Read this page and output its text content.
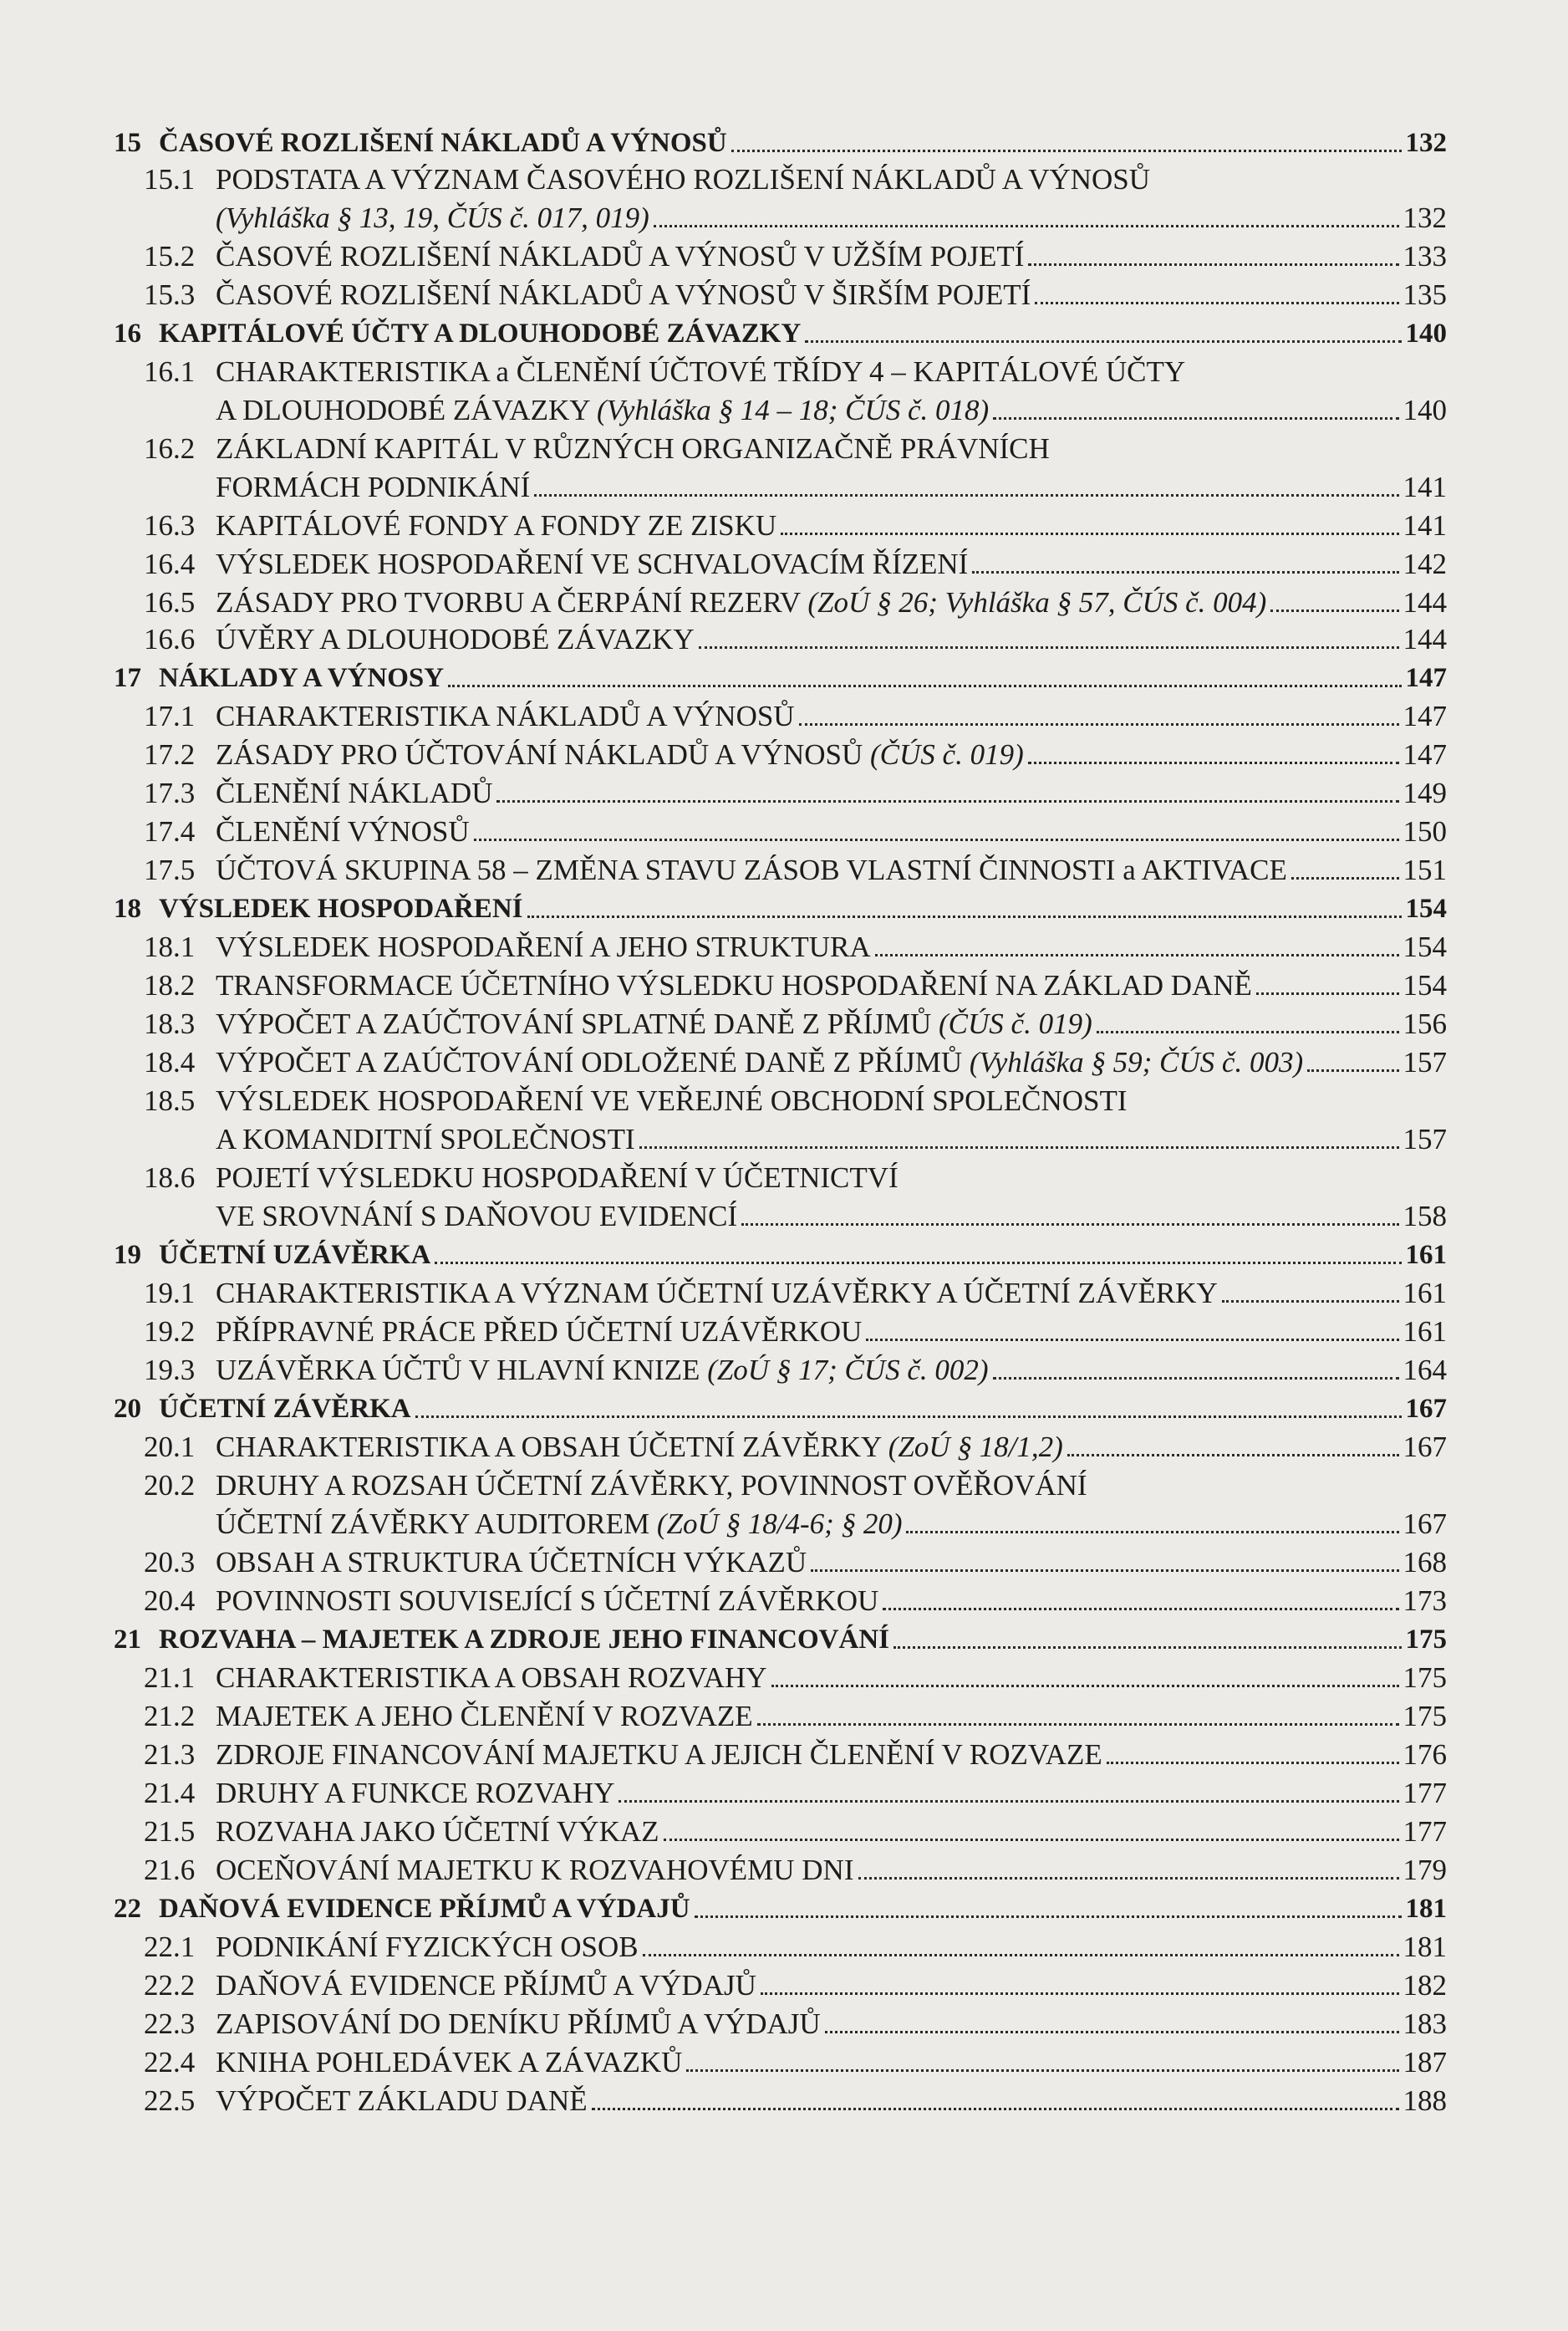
15 ČASOVÉ ROZLIŠENÍ NÁKLADŮ A VÝNOSŮ	132
15.1 PODSTATA A VÝZNAM ČASOVÉHO ROZLIŠENÍ NÁKLADŮ A VÝNOSŮ
(Vyhláška § 13, 19, ČÚS č. 017, 019)	132
15.2 ČASOVÉ ROZLIŠENÍ NÁKLADŮ A VÝNOSŮ V UŽŠÍM POJETÍ	133
15.3 ČASOVÉ ROZLIŠENÍ NÁKLADŮ A VÝNOSŮ V ŠIRŠÍM POJETÍ	135
16 KAPITÁLOVÉ ÚČTY A DLOUHODOBÉ ZÁVAZKY	140
16.1 CHARAKTERISTIKA a ČLENĚNÍ ÚČTOVÉ TŘÍDY 4 – KAPITÁLOVÉ ÚČTY
A DLOUHODOBÉ ZÁVAZKY (Vyhláška § 14 – 18; ČÚS č. 018)	140
16.2 ZÁKLADNÍ KAPITÁL V RŮZNÝCH ORGANIZAČNĚ PRÁVNÍCH
FORMÁCH PODNIKÁNÍ	141
16.3 KAPITÁLOVÉ FONDY A FONDY ZE ZISKU	141
16.4 VÝSLEDEK HOSPODAŘENÍ VE SCHVALOVACÍM ŘÍZENÍ	142
16.5 ZÁSADY PRO TVORBU A ČERPÁNÍ REZERV (ZoÚ § 26; Vyhláška § 57, ČÚS č. 004)	144
16.6 ÚVĚRY A DLOUHODOBÉ ZÁVAZKY	144
17 NÁKLADY A VÝNOSY	147
17.1 CHARAKTERISTIKA NÁKLADŮ A VÝNOSŮ	147
17.2 ZÁSADY PRO ÚČTOVÁNÍ NÁKLADŮ A VÝNOSŮ (ČÚS č. 019)	147
17.3 ČLENĚNÍ NÁKLADŮ	149
17.4 ČLENĚNÍ VÝNOSŮ	150
17.5 ÚČTOVÁ SKUPINA 58 – ZMĚNA STAVU ZÁSOB VLASTNÍ ČINNOSTI a AKTIVACE	151
18 VÝSLEDEK HOSPODAŘENÍ	154
18.1 VÝSLEDEK HOSPODAŘENÍ A JEHO STRUKTURA	154
18.2 TRANSFORMACE ÚČETNÍHO VÝSLEDKU HOSPODAŘENÍ NA ZÁKLAD DANĚ	154
18.3 VÝPOČET A ZAÚČTOVÁNÍ SPLATNÉ DANĚ Z PŘÍJMŮ (ČÚS č. 019)	156
18.4 VÝPOČET A ZAÚČTOVÁNÍ ODLOŽENÉ DANĚ Z PŘÍJMŮ (Vyhláška § 59; ČÚS č. 003)	157
18.5 VÝSLEDEK HOSPODAŘENÍ VE VEŘEJNÉ OBCHODNÍ SPOLEČNOSTI
A KOMANDITNÍ SPOLEČNOSTI	157
18.6 POJETÍ VÝSLEDKU HOSPODAŘENÍ V ÚČETNICTVÍ
VE SROVNÁNÍ S DAŇOVOU EVIDENCÍ	158
19 ÚČETNÍ UZÁVĚRKA	161
19.1 CHARAKTERISTIKA A VÝZNAM ÚČETNÍ UZÁVĚRKY A ÚČETNÍ ZÁVĚRKY	161
19.2 PŘÍPRAVNÉ PRÁCE PŘED ÚČETNÍ UZÁVĚRKOU	161
19.3 UZÁVĚRKA ÚČTŮ V HLAVNÍ KNIZE (ZoÚ § 17; ČÚS č. 002)	164
20 ÚČETNÍ ZÁVĚRKA	167
20.1 CHARAKTERISTIKA A OBSAH ÚČETNÍ ZÁVĚRKY (ZoÚ § 18/1,2)	167
20.2 DRUHY A ROZSAH ÚČETNÍ ZÁVĚRKY, POVINNOST OVĚŘOVÁNÍ
ÚČETNÍ ZÁVĚRKY AUDITOREM (ZoÚ § 18/4-6; § 20)	167
20.3 OBSAH A STRUKTURA ÚČETNÍCH VÝKAZŮ	168
20.4 POVINNOSTI SOUVISEJÍCÍ S ÚČETNÍ ZÁVĚRKOU	173
21 ROZVAHA – MAJETEK A ZDROJE JEHO FINANCOVÁNÍ	175
21.1 CHARAKTERISTIKA A OBSAH ROZVAHY	175
21.2 MAJETEK A JEHO ČLENĚNÍ V ROZVAZE	175
21.3 ZDROJE FINANCOVÁNÍ MAJETKU A JEJICH ČLENĚNÍ V ROZVAZE	176
21.4 DRUHY A FUNKCE ROZVAHY	177
21.5 ROZVAHA JAKO ÚČETNÍ VÝKAZ	177
21.6 OCEŇOVÁNÍ MAJETKU K ROZVAHOVÉMU DNI	179
22 DAŇOVÁ EVIDENCE PŘÍJMŮ A VÝDAJŮ	181
22.1 PODNIKÁNÍ FYZICKÝCH OSOB	181
22.2 DAŇOVÁ EVIDENCE PŘÍJMŮ A VÝDAJŮ	182
22.3 ZAPISOVÁNÍ DO DENÍKU PŘÍJMŮ A VÝDAJŮ	183
22.4 KNIHA POHLEDÁVEK A ZÁVAZKŮ	187
22.5 VÝPOČET ZÁKLADU DANĚ	188
